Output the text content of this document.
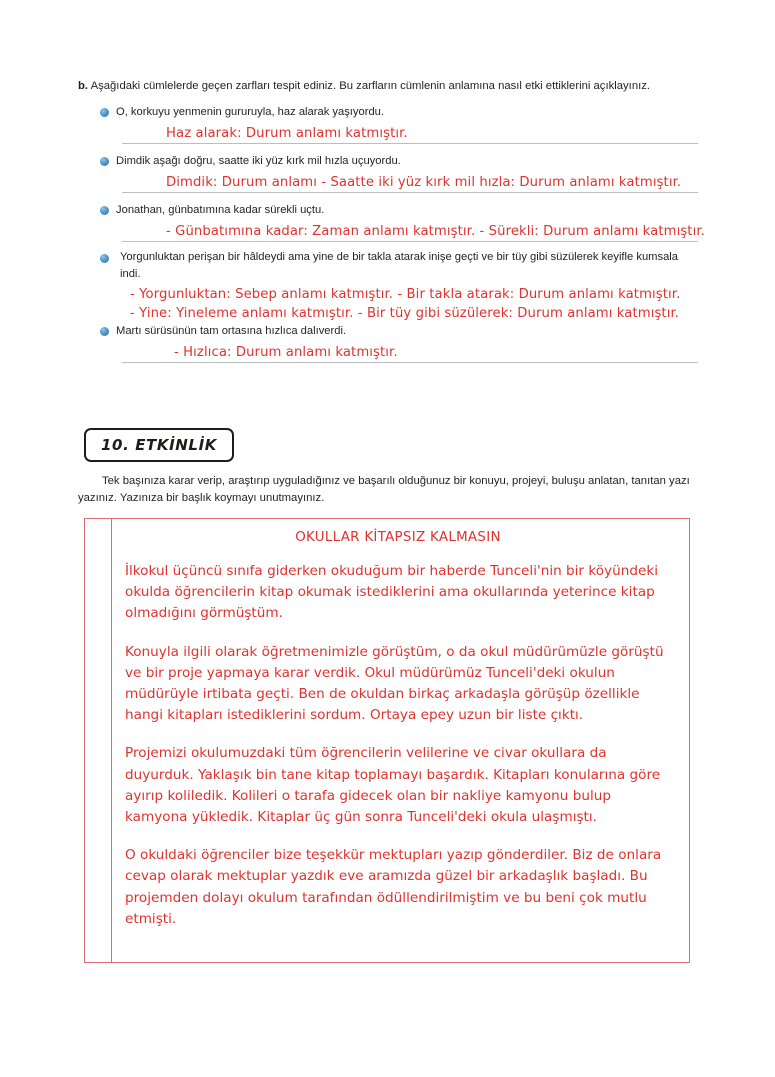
b. Aşağıdaki cümlelerde geçen zarfları tespit ediniz. Bu zarfların cümlenin anlamına nasıl etki ettiklerini açıklayınız.
O, korkuyu yenmenin gururuyla, haz alarak yaşıyordu.
Haz alarak: Durum anlamı katmıştır.
Dimdik aşağı doğru, saatte iki yüz kırk mil hızla uçuyordu.
Dimdik: Durum anlamı - Saatte iki yüz kırk mil hızla: Durum anlamı katmıştır.
Jonathan, günbatımına kadar sürekli uçtu.
- Günbatımına kadar: Zaman anlamı katmıştır. - Sürekli: Durum anlamı katmıştır.
Yorgunluktan perişan bir hâldeydi ama yine de bir takla atarak inişe geçti ve bir tüy gibi süzülerek keyifle kumsala indi.
- Yorgunluktan: Sebep anlamı katmıştır. - Bir takla atarak: Durum anlamı katmıştır.
- Yine: Yineleme anlamı katmıştır. - Bir tüy gibi süzülerek: Durum anlamı katmıştır.
Martı sürüsünün tam ortasına hızlıca dalıverdi.
- Hızlıca: Durum anlamı katmıştır.
10. ETKİNLİK
Tek başınıza karar verip, araştırıp uyguladığınız ve başarılı olduğunuz bir konuyu, projeyi, buluşu anlatan, tanıtan yazı yazınız. Yazınıza bir başlık koymayı unutmayınız.
OKULLAR KİTAPSIZ KALMASIN

İlkokul üçüncü sınıfa giderken okuduğum bir haberde Tunceli'nin bir köyündeki okulda öğrencilerin kitap okumak istediklerini ama okullarında yeterince kitap olmadığını görmüştüm.

Konuyla ilgili olarak öğretmenimizle görüştüm, o da okul müdürümüzle görüştü ve bir proje yapmaya karar verdik. Okul müdürümüz Tunceli'deki okulun müdürüyle irtibata geçti. Ben de okuldan birkaç arkadaşla görüşüp özellikle hangi kitapları istediklerini sordum. Ortaya epey uzun bir liste çıktı.

Projemizi okulumuzdaki tüm öğrencilerin velilerine ve civar okullara da duyurduk. Yaklaşık bin tane kitap toplamayı başardık. Kitapları konularına göre ayırıp koliledik. Kolileri o tarafa gidecek olan bir nakliye kamyonu bulup kamyona yükledik. Kitaplar üç gün sonra Tunceli'deki okula ulaşmıştı.

O okuldaki öğrenciler bize teşekkür mektupları yazıp gönderdiler. Biz de onlara cevap olarak mektuplar yazdık eve aramızda güzel bir arkadaşlık başladı. Bu projemden dolayı okulum tarafından ödüllendirilmiştim ve bu beni çok mutlu etmişti.
